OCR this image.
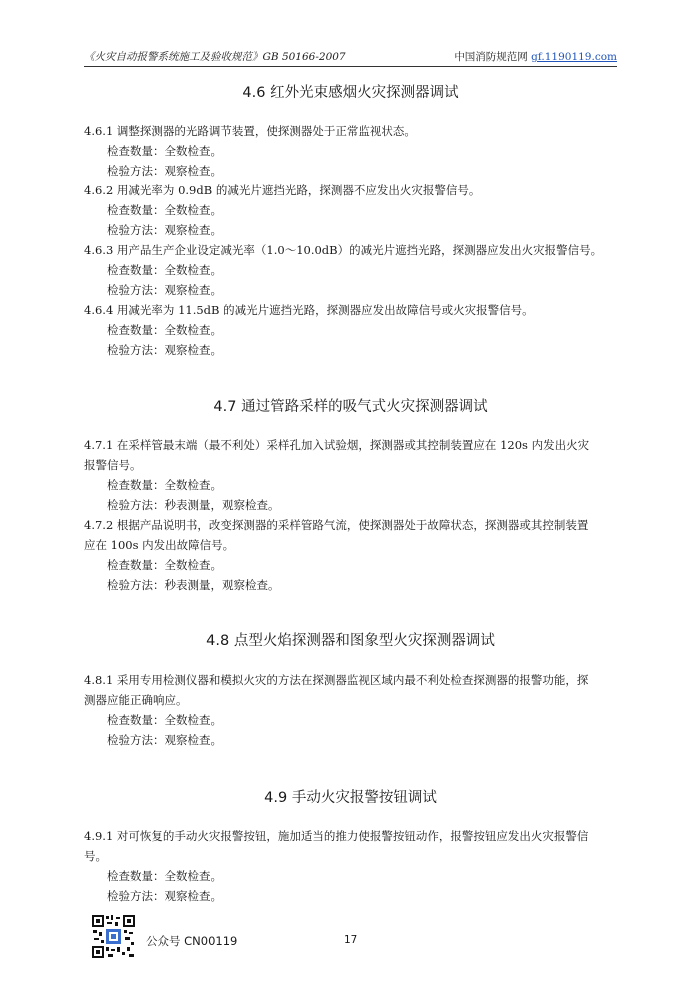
《火灾自动报警系统施工及验收规范》GB 50166-2007	中国消防规范网 gf.1190119.com
4.6 红外光束感烟火灾探测器调试
4.6.1 调整探测器的光路调节装置，使探测器处于正常监视状态。
检查数量：全数检查。
检验方法：观察检查。
4.6.2 用减光率为 0.9dB 的减光片遮挡光路，探测器不应发出火灾报警信号。
检查数量：全数检查。
检验方法：观察检查。
4.6.3 用产品生产企业设定减光率（1.0～10.0dB）的减光片遮挡光路，探测器应发出火灾报警信号。
检查数量：全数检查。
检验方法：观察检查。
4.6.4 用减光率为 11.5dB 的减光片遮挡光路，探测器应发出故障信号或火灾报警信号。
检查数量：全数检查。
检验方法：观察检查。
4.7 通过管路采样的吸气式火灾探测器调试
4.7.1 在采样管最末端（最不利处）采样孔加入试验烟，探测器或其控制装置应在 120s 内发出火灾
报警信号。
检查数量：全数检查。
检验方法：秒表测量，观察检查。
4.7.2 根据产品说明书，改变探测器的采样管路气流，使探测器处于故障状态，探测器或其控制装置
应在 100s 内发出故障信号。
检查数量：全数检查。
检验方法：秒表测量，观察检查。
4.8 点型火焰探测器和图象型火灾探测器调试
4.8.1 采用专用检测仪器和模拟火灾的方法在探测器监视区域内最不利处检查探测器的报警功能，探
测器应能正确响应。
检查数量：全数检查。
检验方法：观察检查。
4.9 手动火灾报警按钮调试
4.9.1 对可恢复的手动火灾报警按钮，施加适当的推力使报警按钮动作，报警按钮应发出火灾报警信
号。
检查数量：全数检查。
检验方法：观察检查。
公众号 CN00119	17
